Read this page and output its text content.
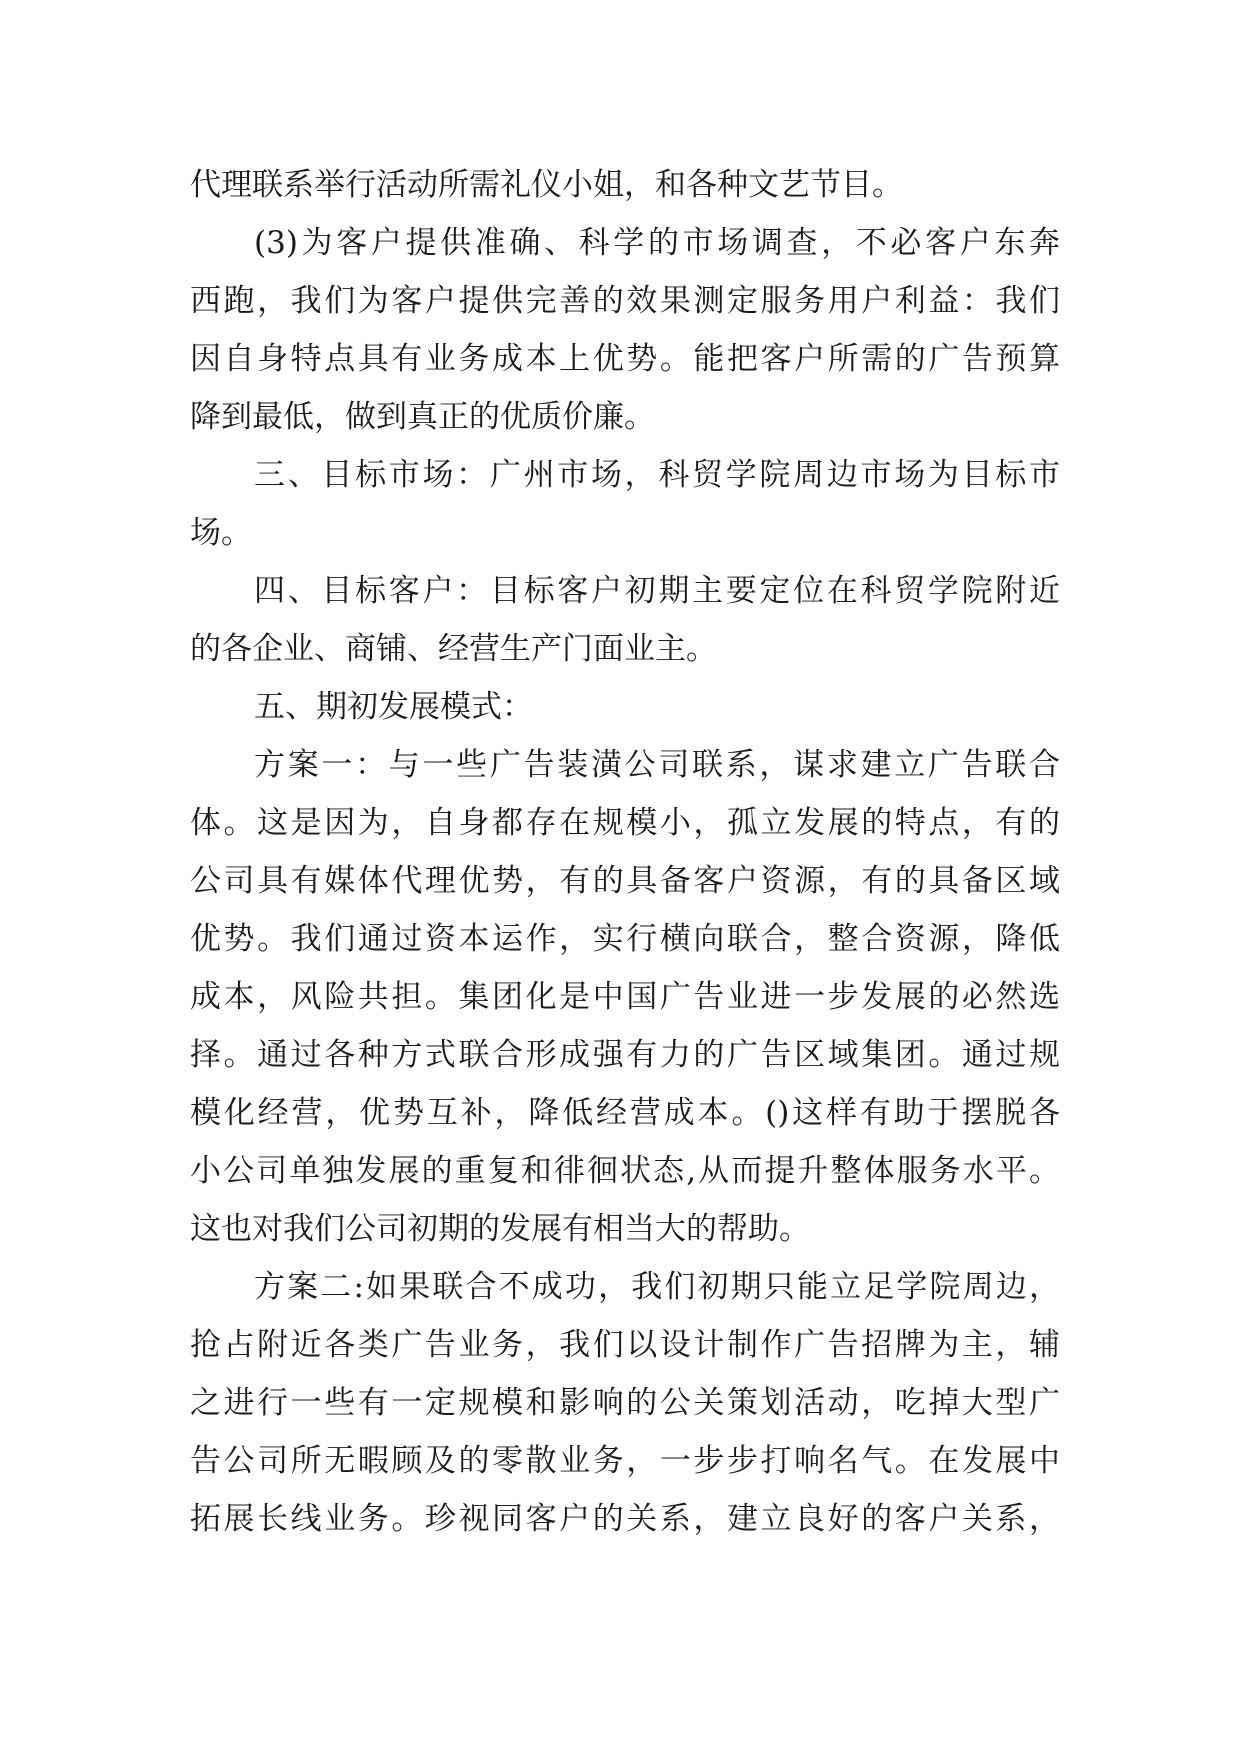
代理联系举行活动所需礼仪小姐，和各种文艺节目。
(3)为客户提供准确、科学的市场调查，不必客户东奔
西跑，我们为客户提供完善的效果测定服务用户利益：我们
因自身特点具有业务成本上优势。能把客户所需的广告预算
降到最低，做到真正的优质价廉。
三、目标市场：广州市场，科贸学院周边市场为目标市
场。
四、目标客户：目标客户初期主要定位在科贸学院附近
的各企业、商铺、经营生产门面业主。
五、期初发展模式：
方案一：与一些广告装潢公司联系，谋求建立广告联合
体。这是因为，自身都存在规模小，孤立发展的特点，有的
公司具有媒体代理优势，有的具备客户资源，有的具备区域
优势。我们通过资本运作，实行横向联合，整合资源，降低
成本，风险共担。集团化是中国广告业进一步发展的必然选
择。通过各种方式联合形成强有力的广告区域集团。通过规
模化经营，优势互补，降低经营成本。()这样有助于摆脱各
小公司单独发展的重复和徘徊状态,从而提升整体服务水平。
这也对我们公司初期的发展有相当大的帮助。
方案二:如果联合不成功，我们初期只能立足学院周边，
抢占附近各类广告业务，我们以设计制作广告招牌为主，辅
之进行一些有一定规模和影响的公关策划活动，吃掉大型广
告公司所无暇顾及的零散业务，一步步打响名气。在发展中
拓展长线业务。珍视同客户的关系，建立良好的客户关系，
